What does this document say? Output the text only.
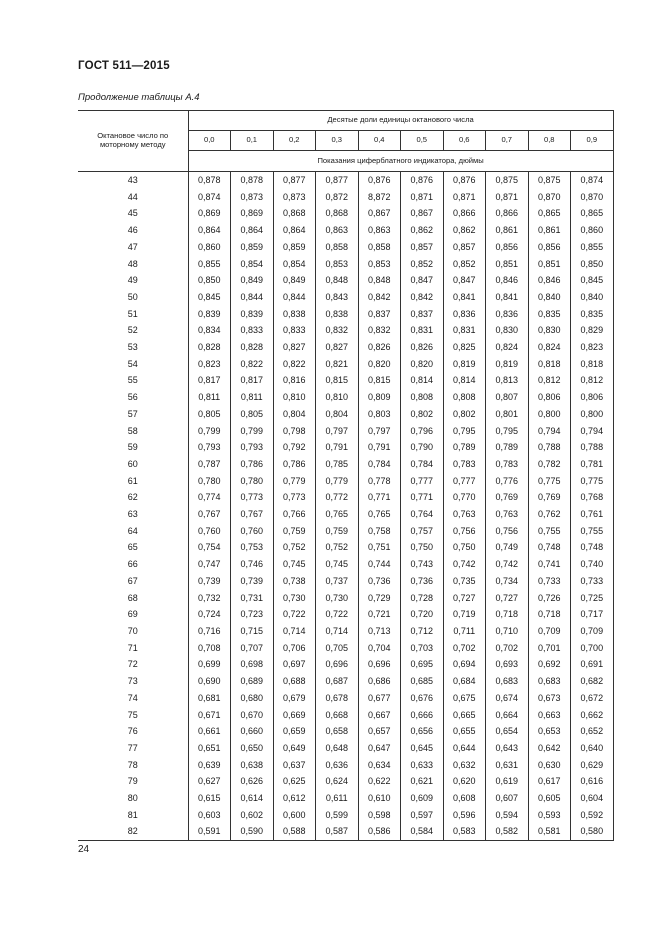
ГОСТ 511—2015
Продолжение таблицы А.4
Октановое число по моторному методу	Десятые доли единицы октанового числа									
	0,0	0,1	0,2	0,3	0,4	0,5	0,6	0,7	0,8	0,9
	Показания циферблатного индикатора, дюймы									
43	0,878	0,878	0,877	0,877	0,876	0,876	0,876	0,875	0,875	0,874
44	0,874	0,873	0,873	0,872	8,872	0,871	0,871	0,871	0,870	0,870
45	0,869	0,869	0,868	0,868	0,867	0,867	0,866	0,866	0,865	0,865
46	0,864	0,864	0,864	0,863	0,863	0,862	0,862	0,861	0,861	0,860
47	0,860	0,859	0,859	0,858	0,858	0,857	0,857	0,856	0,856	0,855
48	0,855	0,854	0,854	0,853	0,853	0,852	0,852	0,851	0,851	0,850
49	0,850	0,849	0,849	0,848	0,848	0,847	0,847	0,846	0,846	0,845
50	0,845	0,844	0,844	0,843	0,842	0,842	0,841	0,841	0,840	0,840
51	0,839	0,839	0,838	0,838	0,837	0,837	0,836	0,836	0,835	0,835
52	0,834	0,833	0,833	0,832	0,832	0,831	0,831	0,830	0,830	0,829
53	0,828	0,828	0,827	0,827	0,826	0,826	0,825	0,824	0,824	0,823
54	0,823	0,822	0,822	0,821	0,820	0,820	0,819	0,819	0,818	0,818
55	0,817	0,817	0,816	0,815	0,815	0,814	0,814	0,813	0,812	0,812
56	0,811	0,811	0,810	0,810	0,809	0,808	0,808	0,807	0,806	0,806
57	0,805	0,805	0,804	0,804	0,803	0,802	0,802	0,801	0,800	0,800
58	0,799	0,799	0,798	0,797	0,797	0,796	0,795	0,795	0,794	0,794
59	0,793	0,793	0,792	0,791	0,791	0,790	0,789	0,789	0,788	0,788
60	0,787	0,786	0,786	0,785	0,784	0,784	0,783	0,783	0,782	0,781
61	0,780	0,780	0,779	0,779	0,778	0,777	0,777	0,776	0,775	0,775
62	0,774	0,773	0,773	0,772	0,771	0,771	0,770	0,769	0,769	0,768
63	0,767	0,767	0,766	0,765	0,765	0,764	0,763	0,763	0,762	0,761
64	0,760	0,760	0,759	0,759	0,758	0,757	0,756	0,756	0,755	0,755
65	0,754	0,753	0,752	0,752	0,751	0,750	0,750	0,749	0,748	0,748
66	0,747	0,746	0,745	0,745	0,744	0,743	0,742	0,742	0,741	0,740
67	0,739	0,739	0,738	0,737	0,736	0,736	0,735	0,734	0,733	0,733
68	0,732	0,731	0,730	0,730	0,729	0,728	0,727	0,727	0,726	0,725
69	0,724	0,723	0,722	0,722	0,721	0,720	0,719	0,718	0,718	0,717
70	0,716	0,715	0,714	0,714	0,713	0,712	0,711	0,710	0,709	0,709
71	0,708	0,707	0,706	0,705	0,704	0,703	0,702	0,702	0,701	0,700
72	0,699	0,698	0,697	0,696	0,696	0,695	0,694	0,693	0,692	0,691
73	0,690	0,689	0,688	0,687	0,686	0,685	0,684	0,683	0,683	0,682
74	0,681	0,680	0,679	0,678	0,677	0,676	0,675	0,674	0,673	0,672
75	0,671	0,670	0,669	0,668	0,667	0,666	0,665	0,664	0,663	0,662
76	0,661	0,660	0,659	0,658	0,657	0,656	0,655	0,654	0,653	0,652
77	0,651	0,650	0,649	0,648	0,647	0,645	0,644	0,643	0,642	0,640
78	0,639	0,638	0,637	0,636	0,634	0,633	0,632	0,631	0,630	0,629
79	0,627	0,626	0,625	0,624	0,622	0,621	0,620	0,619	0,617	0,616
80	0,615	0,614	0,612	0,611	0,610	0,609	0,608	0,607	0,605	0,604
81	0,603	0,602	0,600	0,599	0,598	0,597	0,596	0,594	0,593	0,592
82	0,591	0,590	0,588	0,587	0,586	0,584	0,583	0,582	0,581	0,580
24
